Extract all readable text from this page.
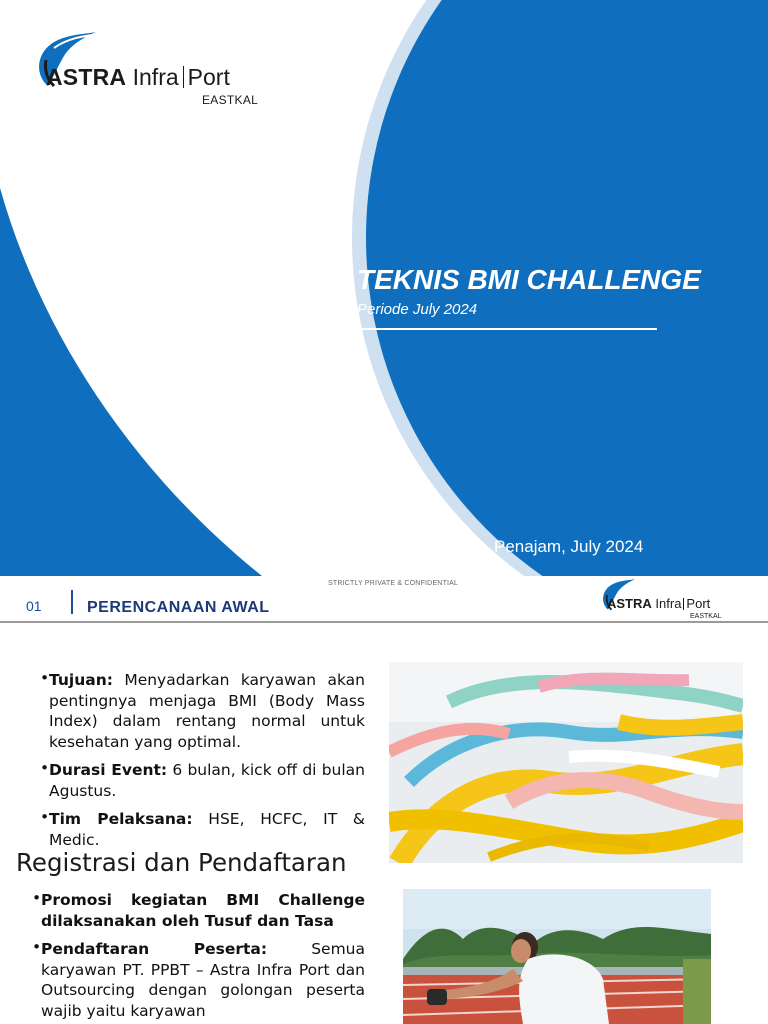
ASTRA Infra Port
EASTKAL
TEKNIS BMI CHALLENGE
Periode July 2024
Penajam, July 2024
STRICTLY PRIVATE & CONFIDENTIAL
01	PERENCANAAN AWAL	ASTRA Infra Port
EASTKAL
• Tujuan: Menyadarkan karyawan akan pentingnya menjaga BMI (Body Mass Index) dalam rentang normal untuk kesehatan yang optimal.
• Durasi Event: 6 bulan, kick off di bulan Agustus.
• Tim Pelaksana: HSE, HCFC, IT & Medic.
Registrasi dan Pendaftaran
• Promosi kegiatan BMI Challenge dilaksanakan oleh Tusuf dan Tasa
• Pendaftaran Peserta: Semua karyawan PT. PPBT – Astra Infra Port dan Outsourcing dengan golongan peserta wajib yaitu karyawan
